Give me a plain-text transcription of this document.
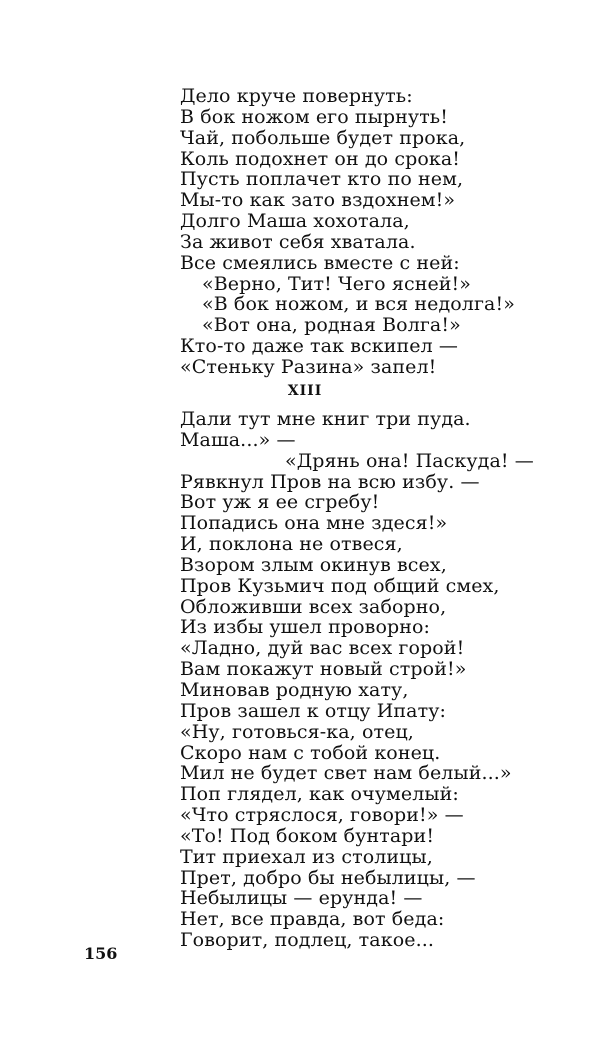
Дело круче повернуть:
В бок ножом его пырнуть!
Чай, побольше будет прока,
Коль подохнет он до срока!
Пусть поплачет кто по нем,
Мы-то как зато вздохнем!»
Долго Маша хохотала,
За живот себя хватала.
Все смеялись вместе с ней:
«Верно, Тит! Чего ясней!»
«В бок ножом, и вся недолга!»
«Вот она, родная Волга!»
Кто-то даже так вскипел —
«Стеньку Разина» запел!
XIII
Дали тут мне книг три пуда.
Маша...» —
«Дрянь она! Паскуда! —
Рявкнул Пров на всю избу. —
Вот уж я ее сгребу!
Попадись она мне здеся!»
И, поклона не отвеся,
Взором злым окинув всех,
Пров Кузьмич под общий смех,
Обложивши всех заборно,
Из избы ушел проворно:
«Ладно, дуй вас всех горой!
Вам покажут новый строй!»
Миновав родную хату,
Пров зашел к отцу Ипату:
«Ну, готовься-ка, отец,
Скоро нам с тобой конец.
Мил не будет свет нам белый...»
Поп глядел, как очумелый:
«Что стряслося, говори!» —
«То! Под боком бунтари!
Тит приехал из столицы,
Прет, добро бы небылицы, —
Небылицы — ерунда! —
Нет, все правда, вот беда:
Говорит, подлец, такое...

156
